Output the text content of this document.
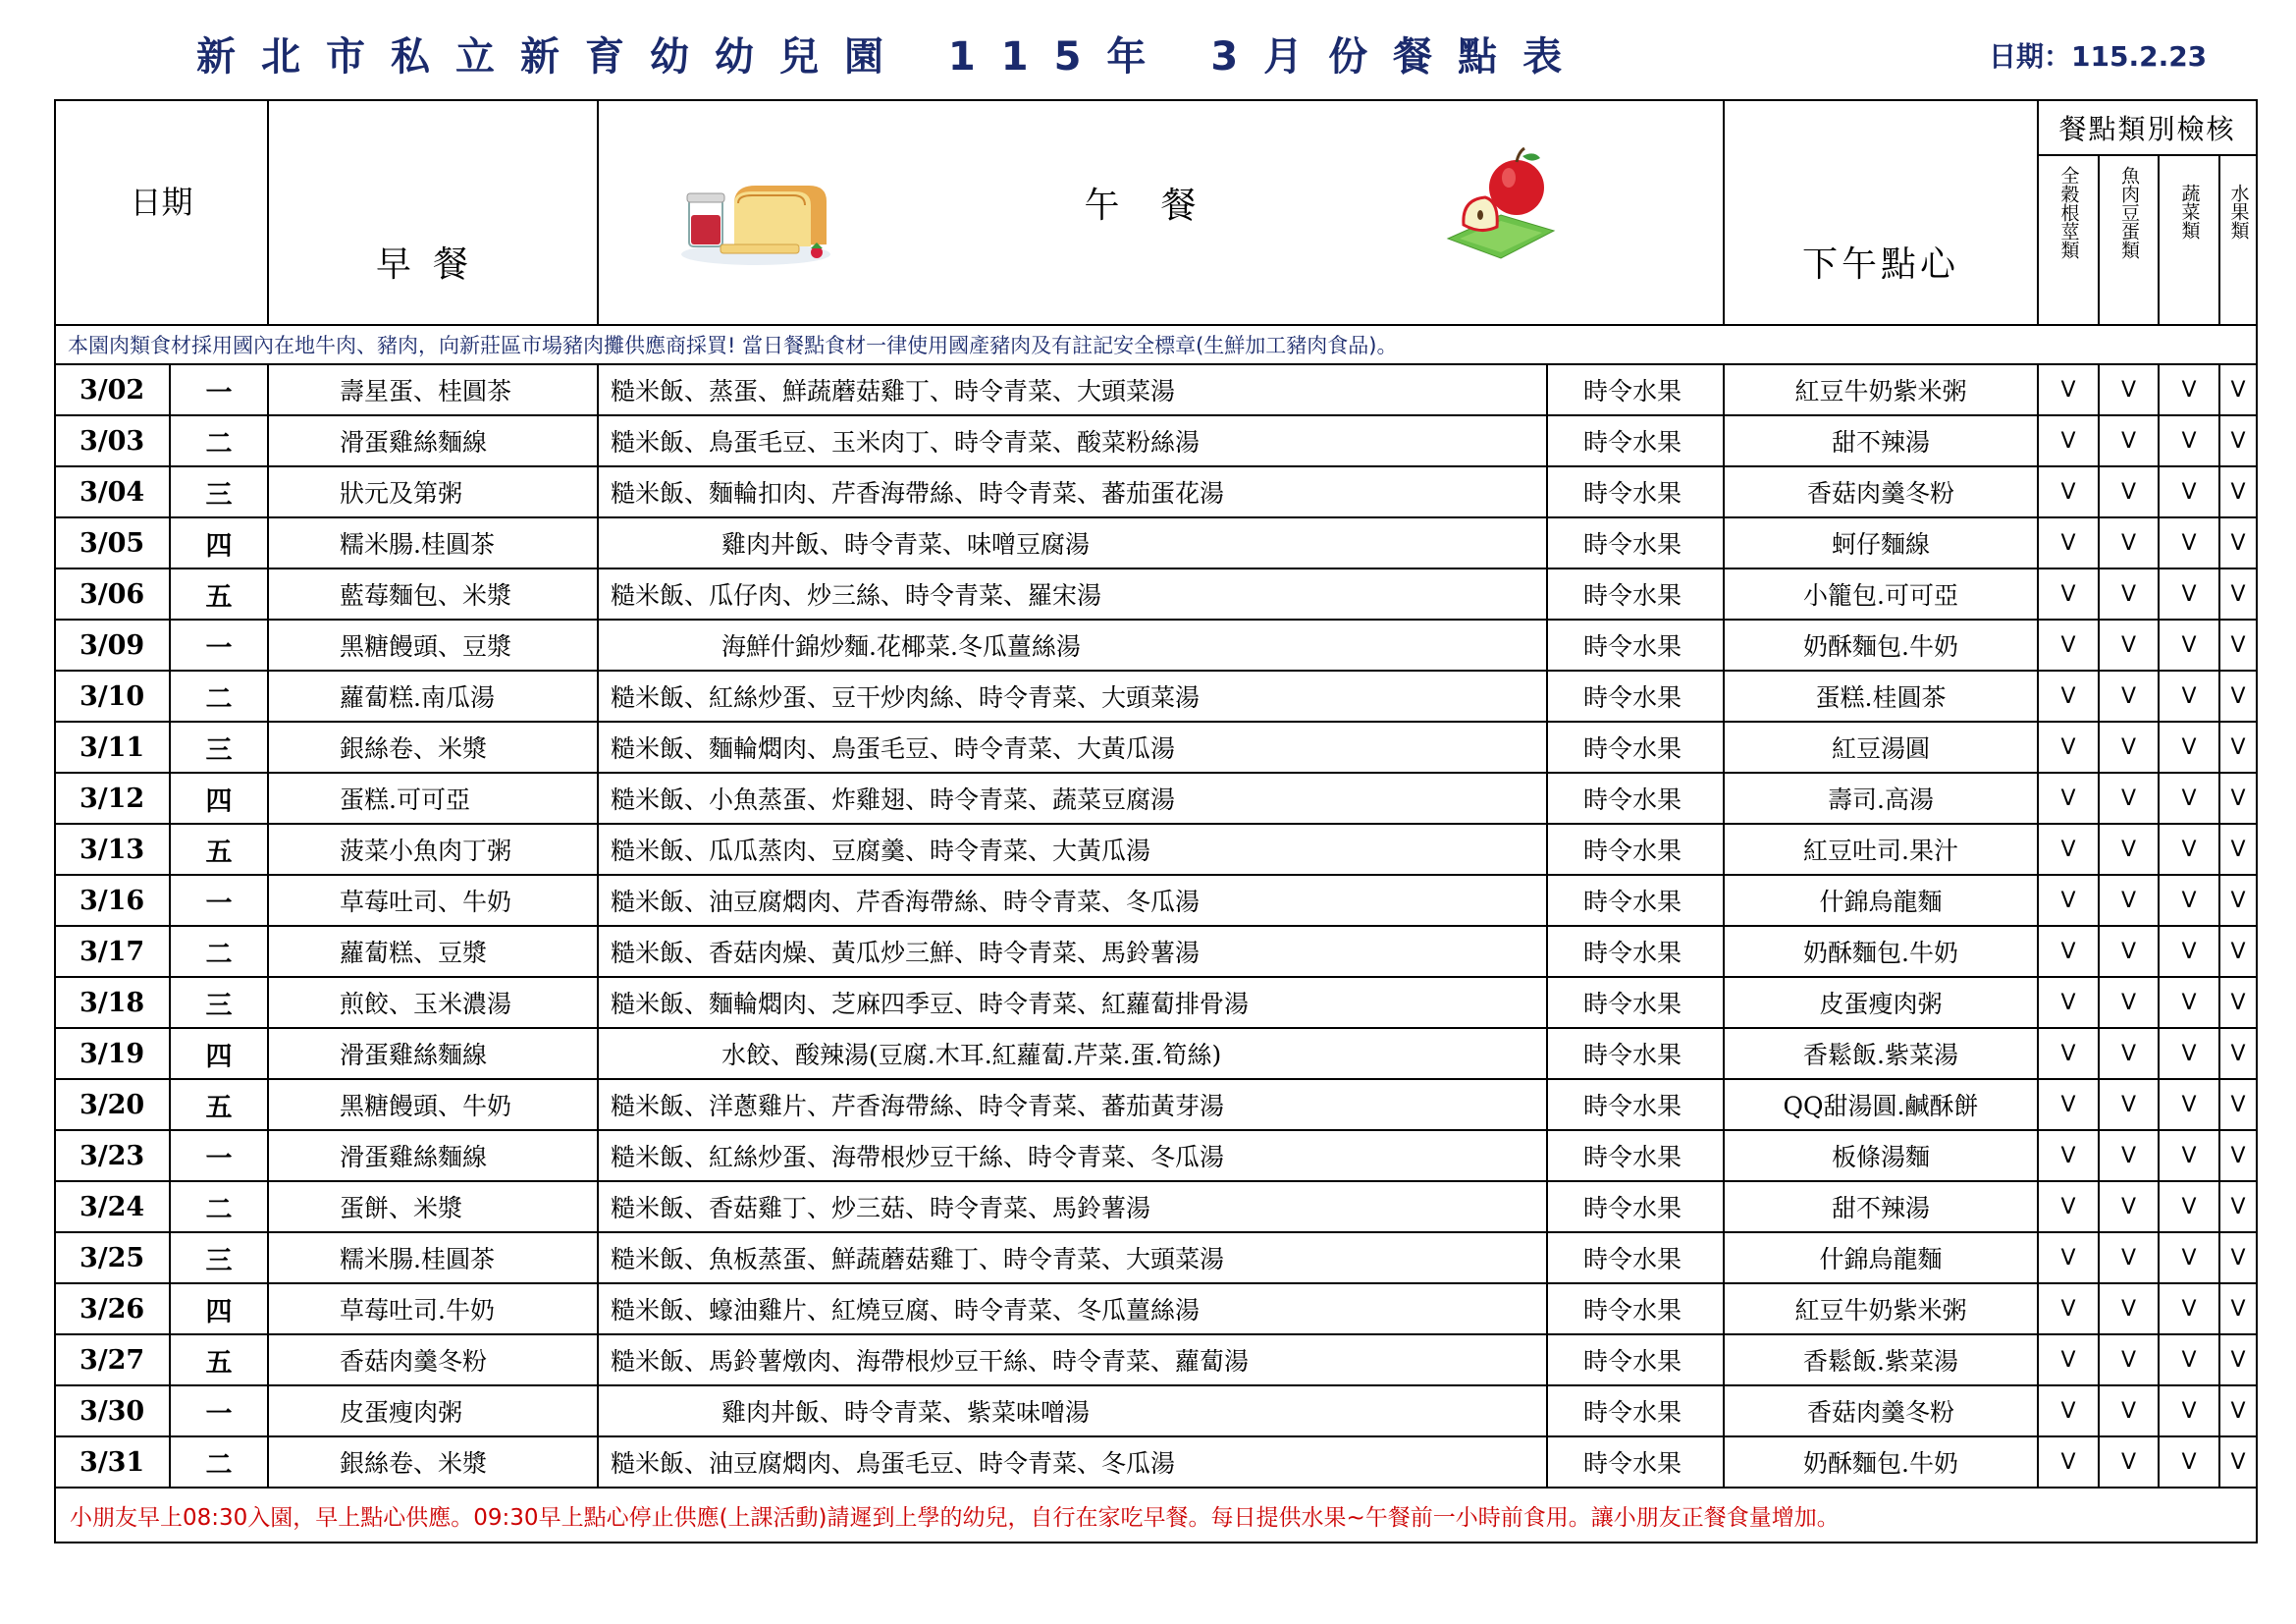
新北市私立新育幼幼兒園 115年 3月份餐點表	日期：115.2.23
日期		早餐	午餐		下午點心	餐點類別檢核			

						全穀根莖類	魚肉豆蛋類	蔬菜類	水果類

本園肉類食材採用國內在地牛肉、豬肉，向新莊區市場豬肉攤供應商採買! 當日餐點食材一律使用國產豬肉及有註記安全標章(生鮮加工豬肉食品)。									
3/02	一	壽星蛋、桂圓茶	糙米飯、蒸蛋、鮮蔬蘑菇雞丁、時令青菜、大頭菜湯	時令水果	紅豆牛奶紫米粥	V	V	V	V
3/03	二	滑蛋雞絲麵線	糙米飯、鳥蛋毛豆、玉米肉丁、時令青菜、酸菜粉絲湯	時令水果	甜不辣湯	V	V	V	V
3/04	三	狀元及第粥	糙米飯、麵輪扣肉、芹香海帶絲、時令青菜、蕃茄蛋花湯	時令水果	香菇肉羹冬粉	V	V	V	V
3/05	四	糯米腸.桂圓茶	雞肉丼飯、時令青菜、味噌豆腐湯	時令水果	蚵仔麵線	V	V	V	V
3/06	五	藍莓麵包、米漿	糙米飯、瓜仔肉、炒三絲、時令青菜、羅宋湯	時令水果	小籠包.可可亞	V	V	V	V
3/09	一	黑糖饅頭、豆漿	海鮮什錦炒麵.花椰菜.冬瓜薑絲湯	時令水果	奶酥麵包.牛奶	V	V	V	V
3/10	二	蘿蔔糕.南瓜湯	糙米飯、紅絲炒蛋、豆干炒肉絲、時令青菜、大頭菜湯	時令水果	蛋糕.桂圓茶	V	V	V	V
3/11	三	銀絲卷、米漿	糙米飯、麵輪燜肉、鳥蛋毛豆、時令青菜、大黃瓜湯	時令水果	紅豆湯圓	V	V	V	V
3/12	四	蛋糕.可可亞	糙米飯、小魚蒸蛋、炸雞翅、時令青菜、蔬菜豆腐湯	時令水果	壽司.高湯	V	V	V	V
3/13	五	菠菜小魚肉丁粥	糙米飯、瓜瓜蒸肉、豆腐羹、時令青菜、大黃瓜湯	時令水果	紅豆吐司.果汁	V	V	V	V
3/16	一	草莓吐司、牛奶	糙米飯、油豆腐燜肉、芹香海帶絲、時令青菜、冬瓜湯	時令水果	什錦烏龍麵	V	V	V	V
3/17	二	蘿蔔糕、豆漿	糙米飯、香菇肉燥、黃瓜炒三鮮、時令青菜、馬鈴薯湯	時令水果	奶酥麵包.牛奶	V	V	V	V
3/18	三	煎餃、玉米濃湯	糙米飯、麵輪燜肉、芝麻四季豆、時令青菜、紅蘿蔔排骨湯	時令水果	皮蛋瘦肉粥	V	V	V	V
3/19	四	滑蛋雞絲麵線	水餃、酸辣湯(豆腐.木耳.紅蘿蔔.芹菜.蛋.筍絲)	時令水果	香鬆飯.紫菜湯	V	V	V	V
3/20	五	黑糖饅頭、牛奶	糙米飯、洋蔥雞片、芹香海帶絲、時令青菜、蕃茄黃芽湯	時令水果	QQ甜湯圓.鹹酥餅	V	V	V	V
3/23	一	滑蛋雞絲麵線	糙米飯、紅絲炒蛋、海帶根炒豆干絲、時令青菜、冬瓜湯	時令水果	板條湯麵	V	V	V	V
3/24	二	蛋餅、米漿	糙米飯、香菇雞丁、炒三菇、時令青菜、馬鈴薯湯	時令水果	甜不辣湯	V	V	V	V
3/25	三	糯米腸.桂圓茶	糙米飯、魚板蒸蛋、鮮蔬蘑菇雞丁、時令青菜、大頭菜湯	時令水果	什錦烏龍麵	V	V	V	V
3/26	四	草莓吐司.牛奶	糙米飯、蠔油雞片、紅燒豆腐、時令青菜、冬瓜薑絲湯	時令水果	紅豆牛奶紫米粥	V	V	V	V
3/27	五	香菇肉羹冬粉	糙米飯、馬鈴薯燉肉、海帶根炒豆干絲、時令青菜、蘿蔔湯	時令水果	香鬆飯.紫菜湯	V	V	V	V
3/30	一	皮蛋瘦肉粥	雞肉丼飯、時令青菜、紫菜味噌湯	時令水果	香菇肉羹冬粉	V	V	V	V
3/31	二	銀絲卷、米漿	糙米飯、油豆腐燜肉、鳥蛋毛豆、時令青菜、冬瓜湯	時令水果	奶酥麵包.牛奶	V	V	V	V
小朋友早上08:30入園，早上點心供應。09:30早上點心停止供應(上課活動)請遲到上學的幼兒，自行在家吃早餐。每日提供水果~午餐前一小時前食用。讓小朋友正餐食量增加。									
